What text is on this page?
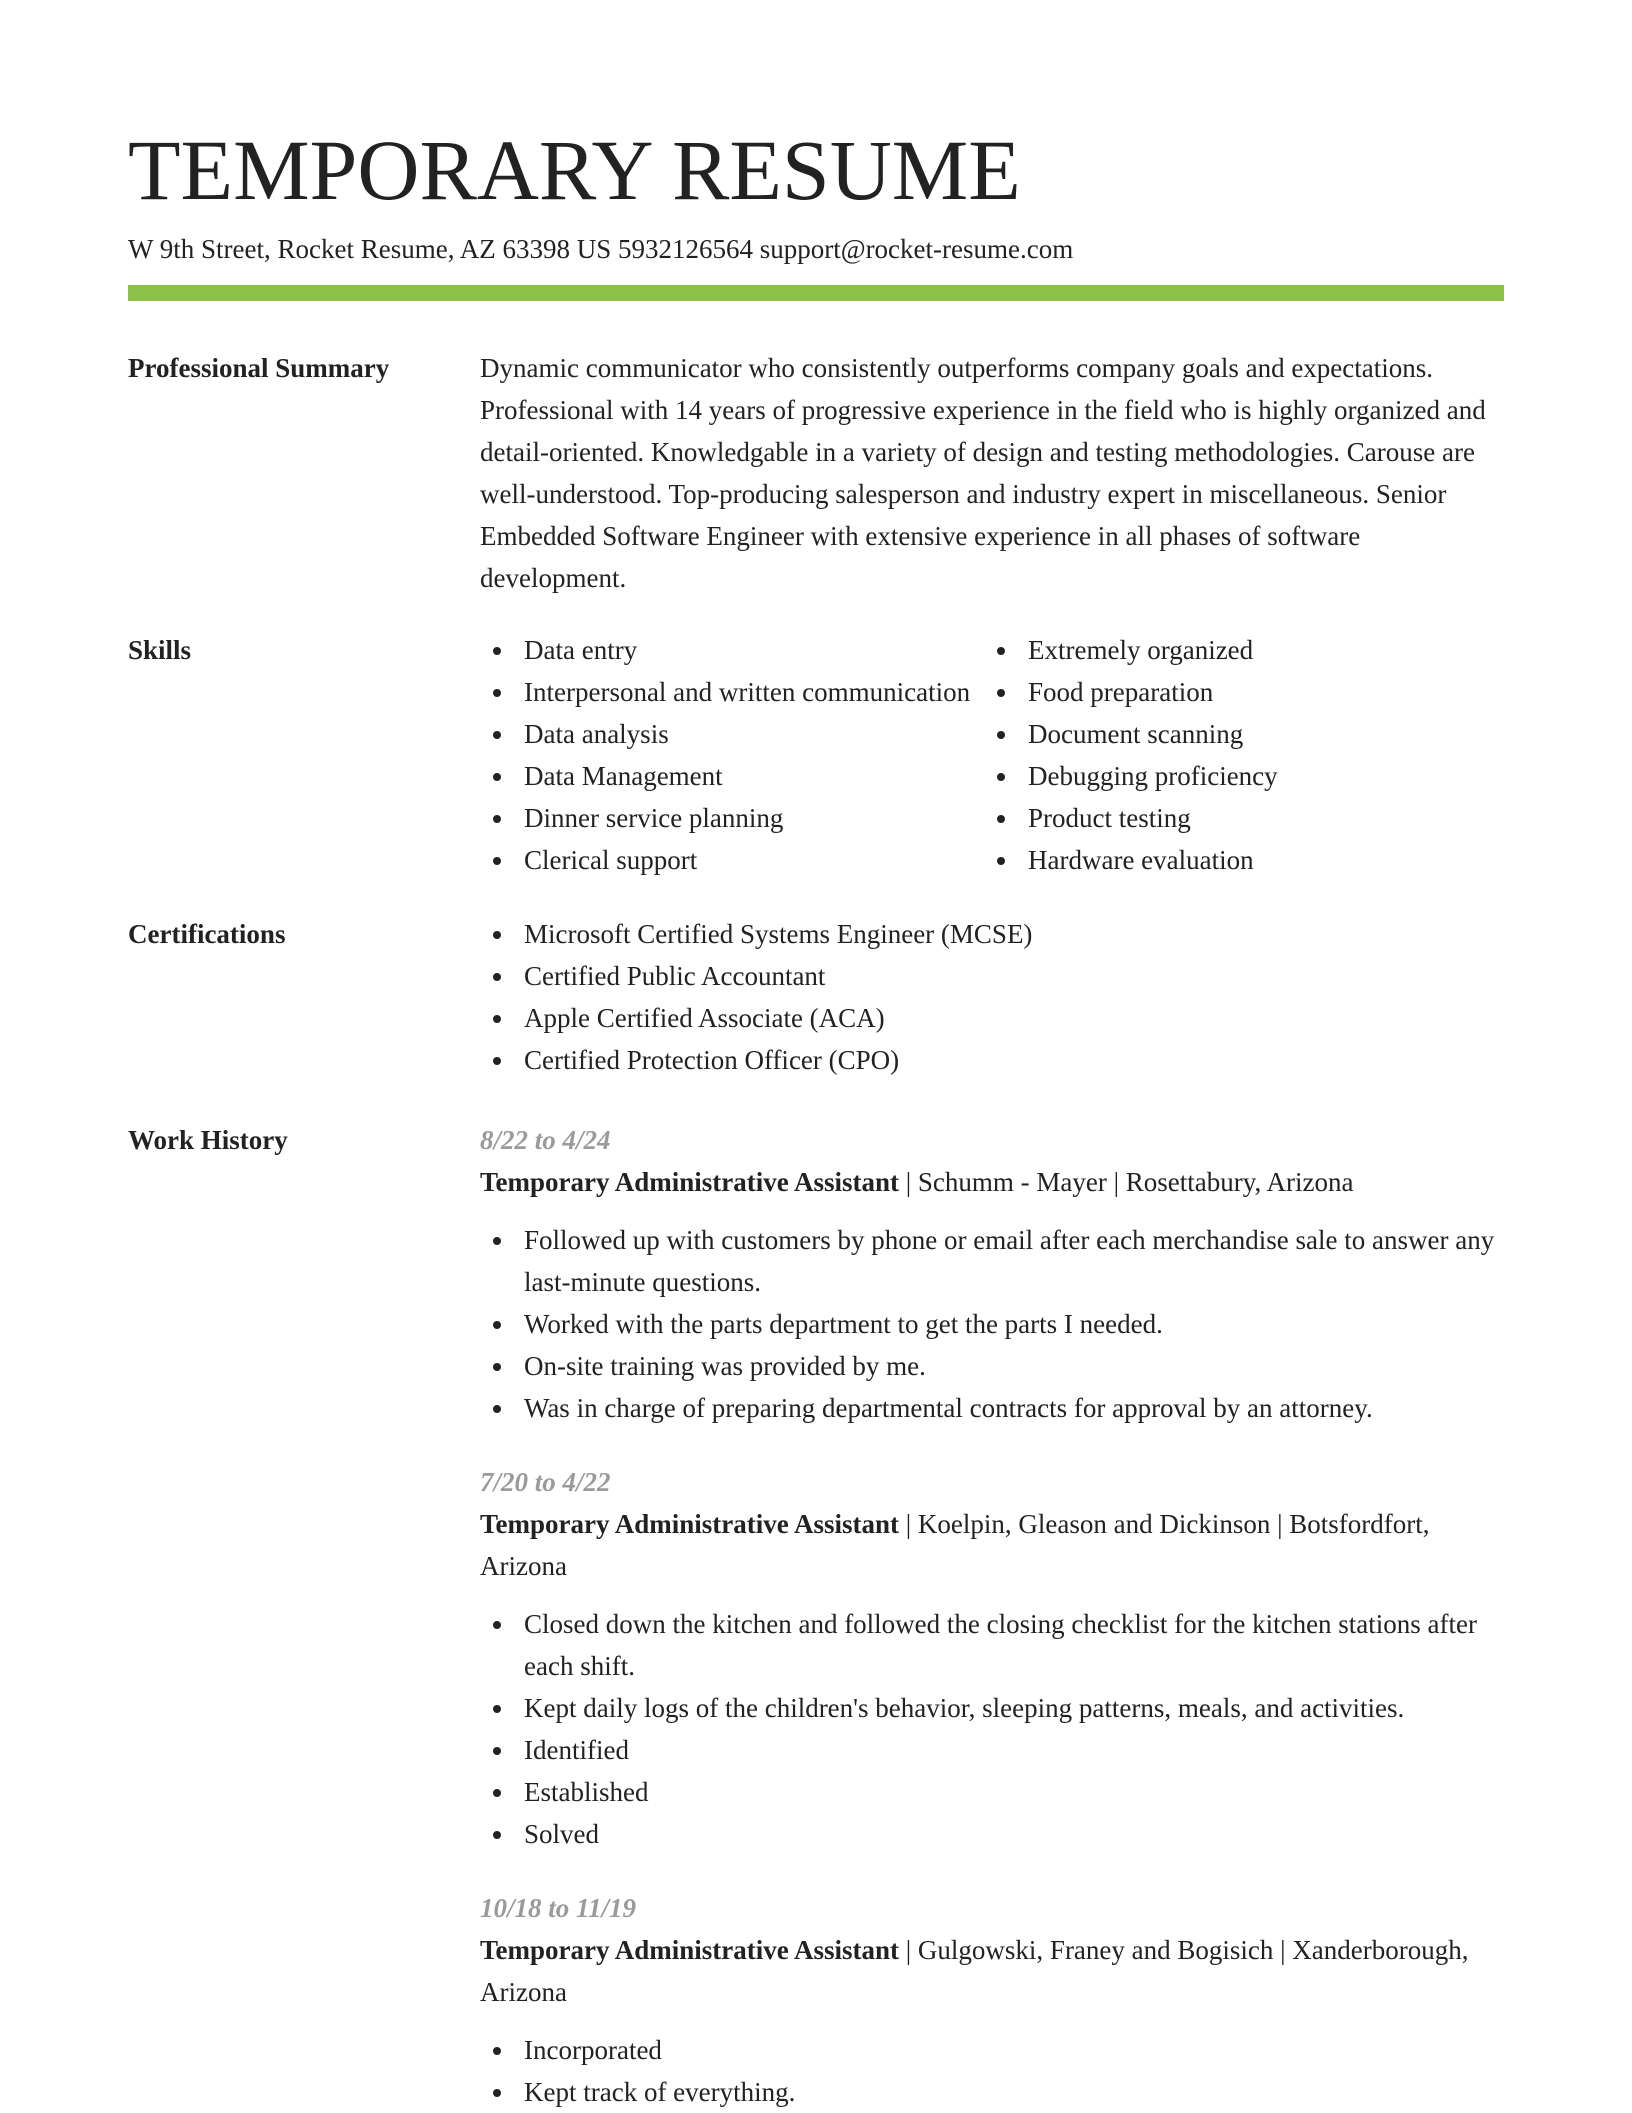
TEMPORARY RESUME
W 9th Street, Rocket Resume, AZ 63398 US 5932126564 support@rocket-resume.com
Professional Summary	Dynamic communicator who consistently outperforms company goals and expectations. Professional with 14 years of progressive experience in the field who is highly organized and detail-oriented. Knowledgable in a variety of design and testing methodologies. Carouse are well-understood. Top-producing salesperson and industry expert in miscellaneous. Senior Embedded Software Engineer with extensive experience in all phases of software development.

Skills	Data entry
Interpersonal and written communication
Data analysis
Data Management
Dinner service planning
Clerical support
Extremely organized
Food preparation
Document scanning
Debugging proficiency
Product testing
Hardware evaluation
Certifications	Microsoft Certified Systems Engineer (MCSE)
Certified Public Accountant
Apple Certified Associate (ACA)
Certified Protection Officer (CPO)
Work History	8/22 to 4/24
Temporary Administrative Assistant | Schumm - Mayer | Rosettabury, Arizona
Followed up with customers by phone or email after each merchandise sale to answer any last-minute questions.
Worked with the parts department to get the parts I needed.
On-site training was provided by me.
Was in charge of preparing departmental contracts for approval by an attorney.
7/20 to 4/22
Temporary Administrative Assistant | Koelpin, Gleason and Dickinson | Botsfordfort, Arizona
Closed down the kitchen and followed the closing checklist for the kitchen stations after each shift.
Kept daily logs of the children's behavior, sleeping patterns, meals, and activities.
Identified
Established
Solved
10/18 to 11/19
Temporary Administrative Assistant | Gulgowski, Franey and Bogisich | Xanderborough, Arizona
Incorporated
Kept track of everything.
